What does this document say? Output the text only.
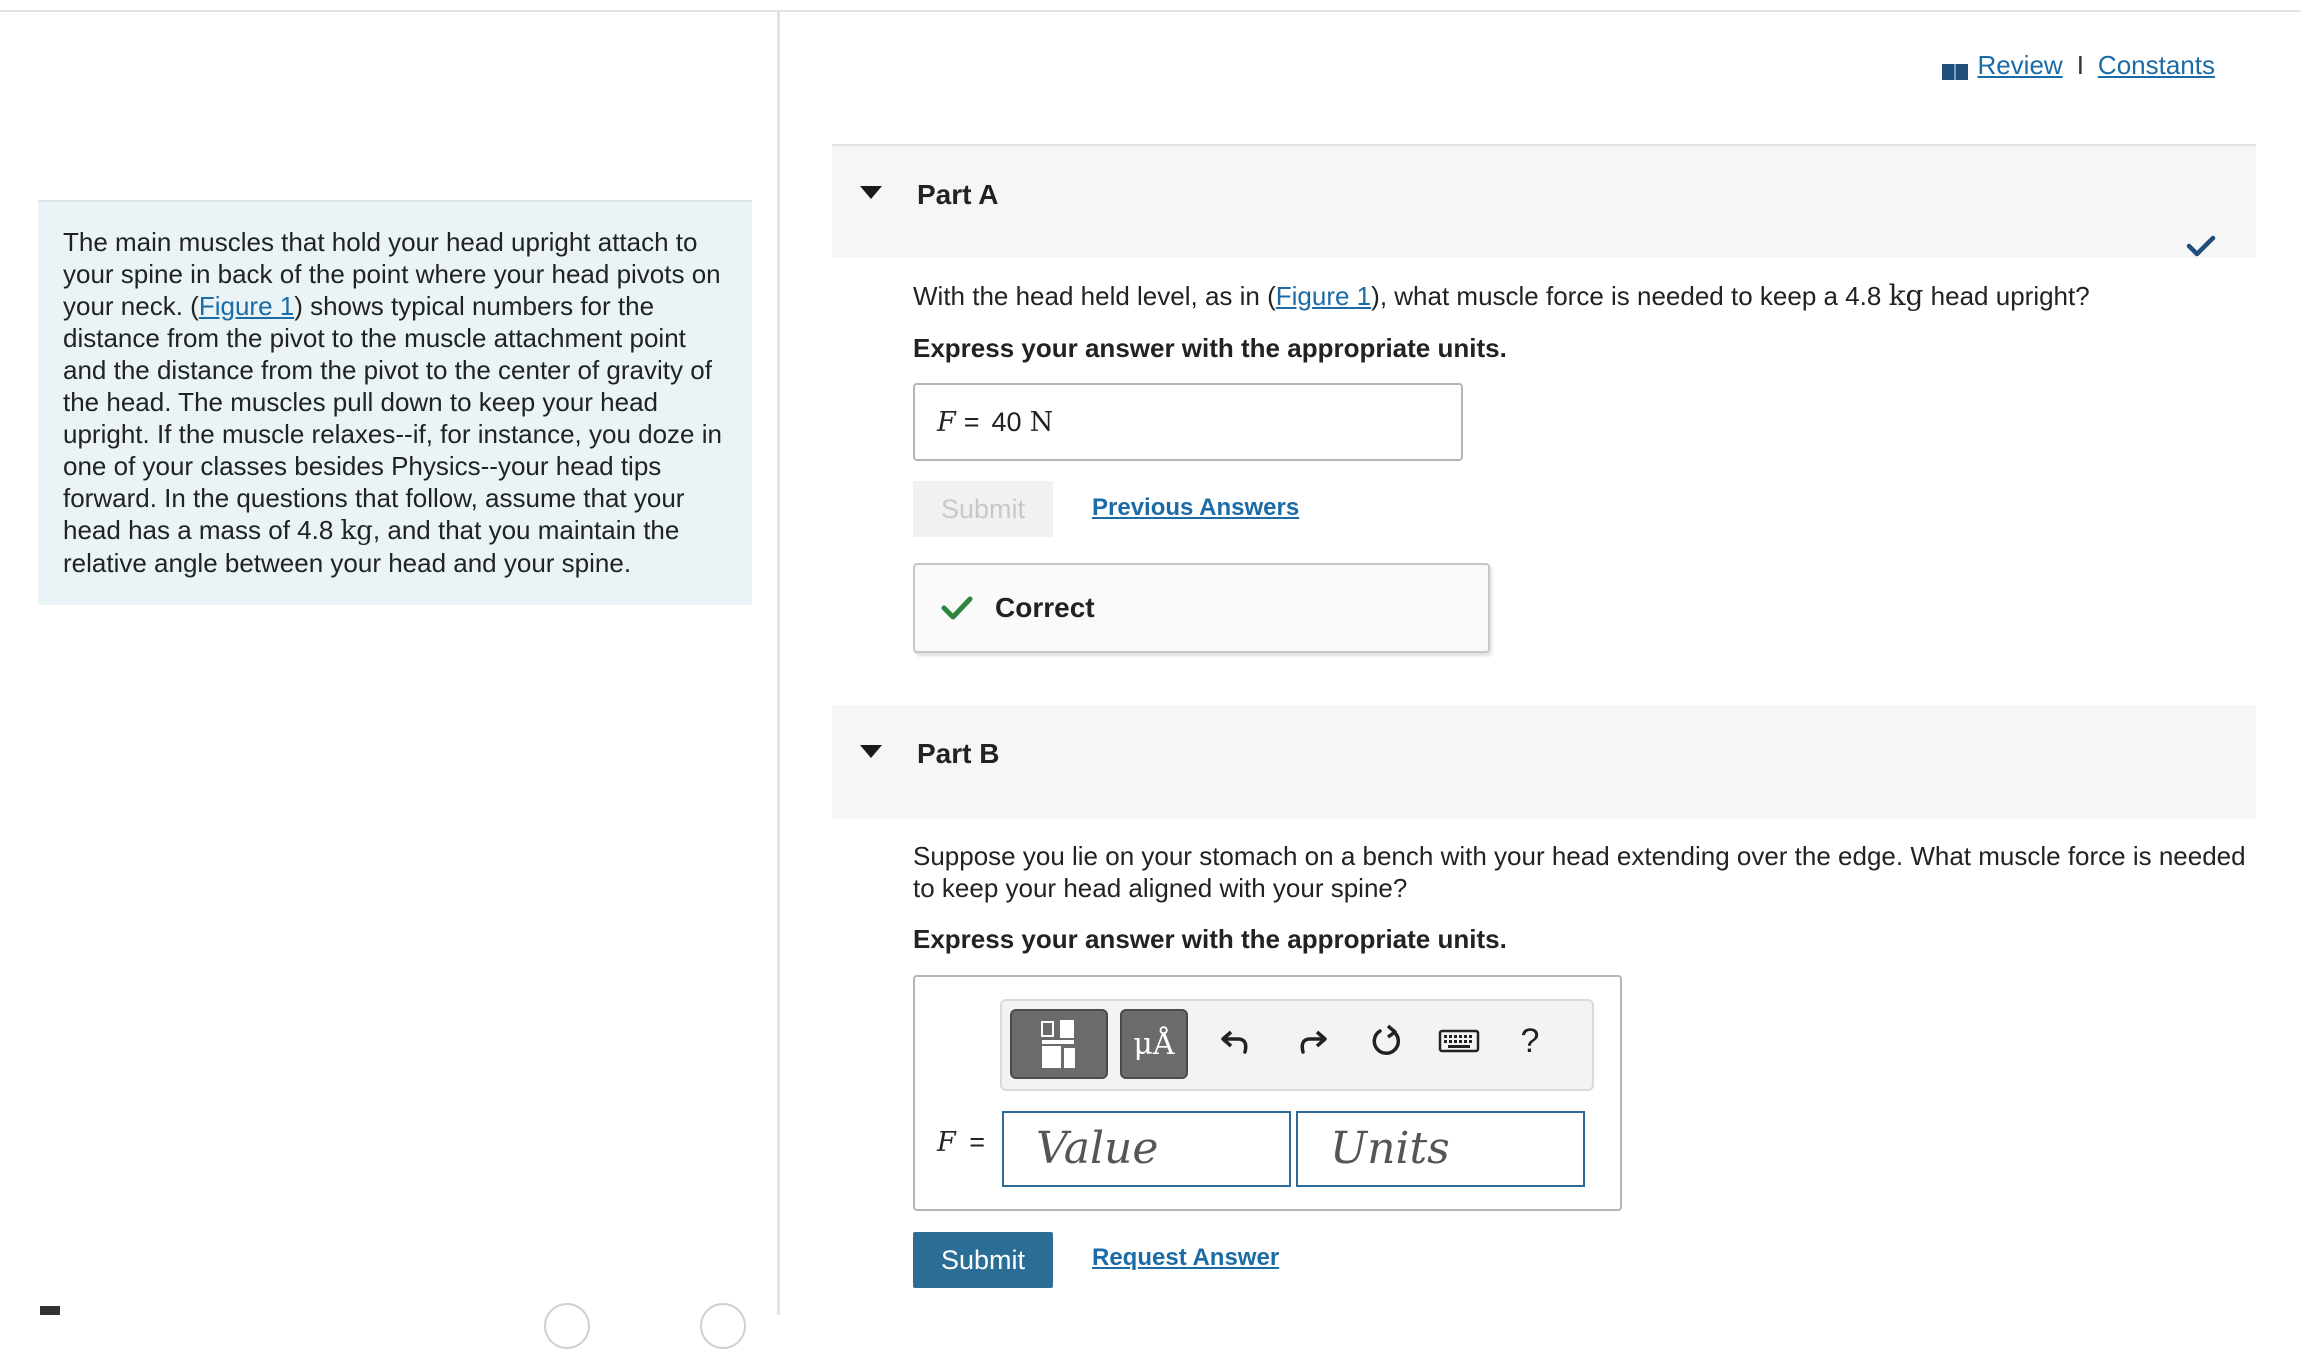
The main muscles that hold your head upright attach to your spine in back of the point where your head pivots on your neck. (Figure 1) shows typical numbers for the distance from the pivot to the muscle attachment point and the distance from the pivot to the center of gravity of the head. The muscles pull down to keep your head upright. If the muscle relaxes--if, for instance, you doze in one of your classes besides Physics--your head tips forward. In the questions that follow, assume that your head has a mass of 4.8 kg, and that you maintain the relative angle between your head and your spine.
Review I Constants
Part A
With the head held level, as in (Figure 1), what muscle force is needed to keep a 4.8 kg head upright?
Express your answer with the appropriate units.
F = 40 N
Submit	Previous Answers
Correct
Part B
Suppose you lie on your stomach on a bench with your head extending over the edge. What muscle force is needed to keep your head aligned with your spine?
Express your answer with the appropriate units.
μÅ	?
F =	Value	Units
Submit	Request Answer
